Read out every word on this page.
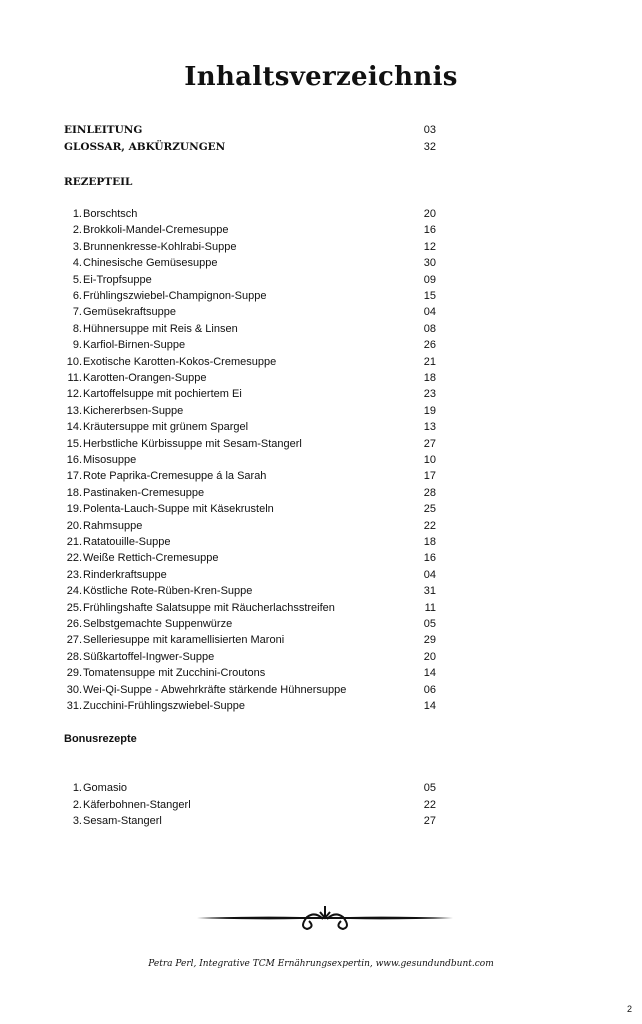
Inhaltsverzeichnis
EINLEITUNG	03
GLOSSAR, ABKÜRZUNGEN	32
REZEPTEIL
1. Borschtsch	20
2. Brokkoli-Mandel-Cremesuppe	16
3. Brunnenkresse-Kohlrabi-Suppe	12
4. Chinesische Gemüsesuppe	30
5. Ei-Tropfsuppe	09
6. Frühlingszwiebel-Champignon-Suppe	15
7. Gemüsekraftsuppe	04
8. Hühnersuppe mit Reis & Linsen	08
9. Karfiol-Birnen-Suppe	26
10. Exotische Karotten-Kokos-Cremesuppe	21
11. Karotten-Orangen-Suppe	18
12. Kartoffelsuppe mit pochiertem Ei	23
13. Kichererbsen-Suppe	19
14. Kräutersuppe mit grünem Spargel	13
15. Herbstliche Kürbissuppe mit Sesam-Stangerl	27
16. Misosuppe	10
17. Rote Paprika-Cremesuppe á la Sarah	17
18. Pastinaken-Cremesuppe	28
19. Polenta-Lauch-Suppe mit Käsekrusteln	25
20. Rahmsuppe	22
21. Ratatouille-Suppe	18
22. Weiße Rettich-Cremesuppe	16
23. Rinderkraftsuppe	04
24. Köstliche Rote-Rüben-Kren-Suppe	31
25. Frühlingshafte Salatsuppe mit Räucherlachsstreifen	11
26. Selbstgemachte Suppenwürze	05
27. Selleriesuppe mit karamellisierten Maroni	29
28. Süßkartoffel-Ingwer-Suppe	20
29. Tomatensuppe mit Zucchini-Croutons	14
30. Wei-Qi-Suppe - Abwehrkräfte stärkende Hühnersuppe	06
31. Zucchini-Frühlingszwiebel-Suppe	14
Bonusrezepte
1. Gomasio	05
2. Käferbohnen-Stangerl	22
3. Sesam-Stangerl	27
Petra Perl, Integrative TCM Ernährungsexpertin, www.gesundundbunt.com
2
